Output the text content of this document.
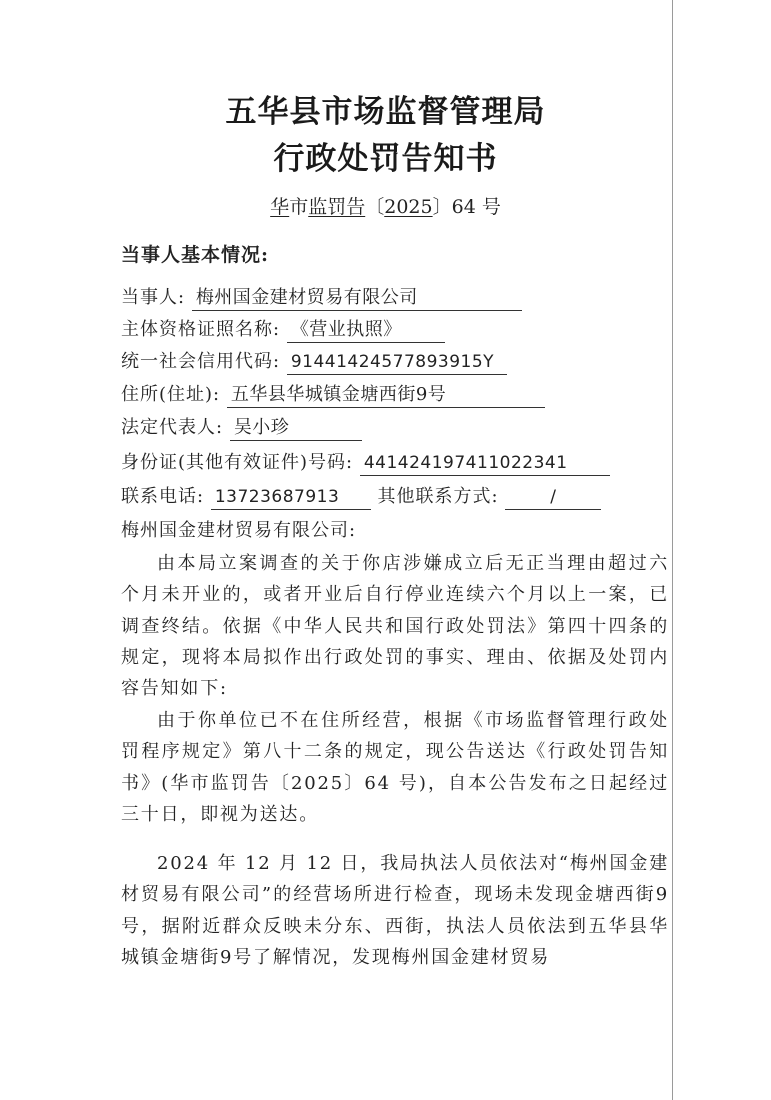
五华县市场监督管理局
行政处罚告知书
华市监罚告〔2025〕64 号
当事人基本情况:
当事人: 梅州国金建材贸易有限公司
主体资格证照名称: 《营业执照》
统一社会信用代码: 91441424577893915Y
住所(住址): 五华县华城镇金塘西街9号
法定代表人: 吴小珍
身份证(其他有效证件)号码: 441424197411022341
联系电话: 13723687913 其他联系方式:	/
梅州国金建材贸易有限公司:

由本局立案调查的关于你店涉嫌成立后无正当理由超过六个月未开业的，或者开业后自行停业连续六个月以上一案，已调查终结。依据《中华人民共和国行政处罚法》第四十四条的规定，现将本局拟作出行政处罚的事实、理由、依据及处罚内容告知如下:

由于你单位已不在住所经营，根据《市场监督管理行政处罚程序规定》第八十二条的规定，现公告送达《行政处罚告知书》(华市监罚告〔2025〕64 号)，自本公告发布之日起经过三十日，即视为送达。

2024 年 12 月 12 日，我局执法人员依法对“梅州国金建材贸易有限公司”的经营场所进行检查，现场未发现金塘西街9号，据附近群众反映未分东、西街，执法人员依法到五华县华城镇金塘街9号了解情况，发现梅州国金建材贸易
